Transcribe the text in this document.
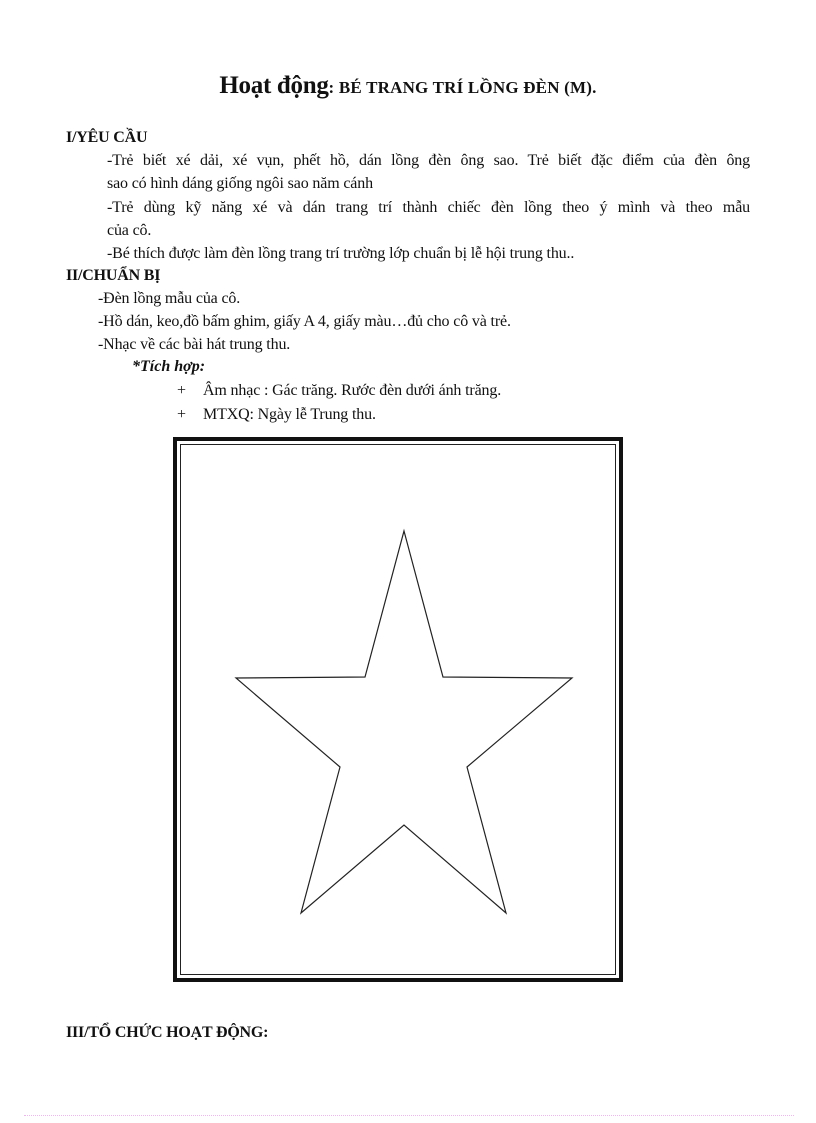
Hoạt động: BÉ TRANG TRÍ LỒNG ĐÈN (M).
I/YÊU CẦU
-Trẻ biết xé dải, xé vụn, phết hồ, dán lồng đèn ông sao. Trẻ biết đặc điểm của đèn ông
sao có hình dáng giống ngôi sao năm cánh
-Trẻ dùng kỹ năng xé và dán trang trí thành chiếc đèn lồng theo ý mình và theo mẫu
của cô.
-Bé thích được làm đèn lồng trang trí trường lớp chuẩn bị lễ hội trung thu..
II/CHUẨN BỊ
-Đèn lồng mẫu của cô.
-Hồ dán, keo,đồ bấm ghim, giấy A 4, giấy màu…đủ cho cô và trẻ.
-Nhạc về các bài hát trung thu.
*Tích hợp:
+ Âm nhạc : Gác trăng. Rước đèn dưới ánh trăng.
+ MTXQ: Ngày lễ Trung thu.
III/TỔ CHỨC HOẠT ĐỘNG:
